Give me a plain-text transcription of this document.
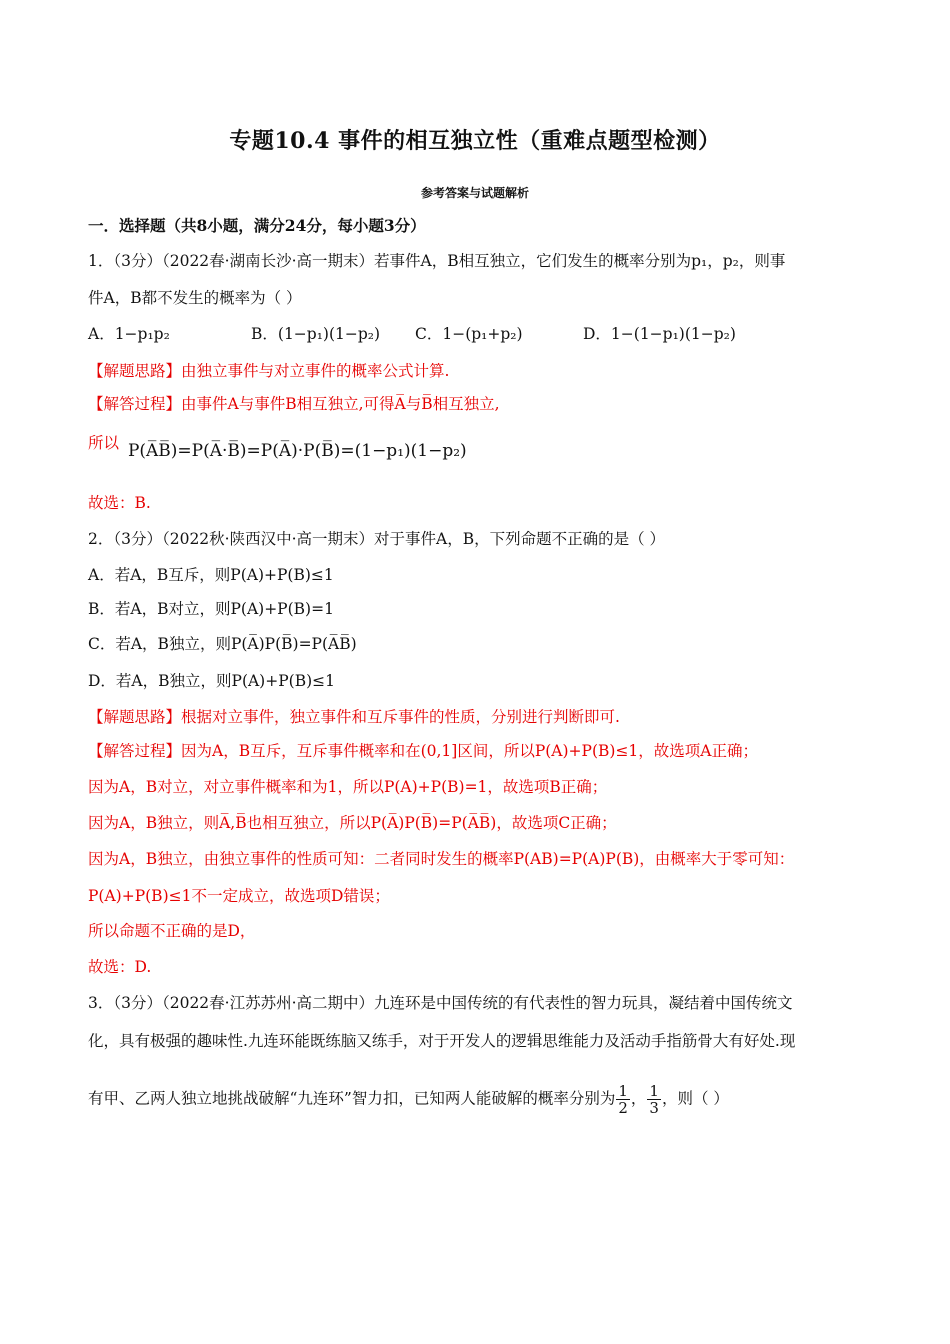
专题10.4 事件的相互独立性（重难点题型检测）
参考答案与试题解析
一．选择题（共8小题，满分24分，每小题3分）
1．（3分）（2022春·湖南长沙·高一期末）若事件A，B相互独立，它们发生的概率分别为p₁，p₂，则事
件A，B都不发生的概率为（ ）
A．1−p₁p₂	B．(1−p₁)(1−p₂) C．1−(p₁+p₂)	D．1−(1−p₁)(1−p₂)
【解题思路】由独立事件与对立事件的概率公式计算.
【解答过程】由事件A与事件B相互独立,可得A̅与B̅相互独立,
所以 P(A̅B̅)=P(A̅·B̅)=P(A̅)·P(B̅)=(1−p₁)(1−p₂)
故选：B.
2．（3分）（2022秋·陕西汉中·高一期末）对于事件A，B，下列命题不正确的是（ ）
A．若A，B互斥，则P(A)+P(B)≤1
B．若A，B对立，则P(A)+P(B)=1
C．若A，B独立，则P(A̅)P(B̅)=P(A̅B̅)
D．若A，B独立，则P(A)+P(B)≤1
【解题思路】根据对立事件，独立事件和互斥事件的性质，分别进行判断即可.
【解答过程】因为A，B互斥，互斥事件概率和在(0,1]区间，所以P(A)+P(B)≤1，故选项A正确；
因为A，B对立，对立事件概率和为1，所以P(A)+P(B)=1，故选项B正确；
因为A，B独立，则A̅,B̅也相互独立，所以P(A̅)P(B̅)=P(A̅B̅)，故选项C正确；
因为A，B独立，由独立事件的性质可知：二者同时发生的概率P(AB)=P(A)P(B)，由概率大于零可知：
P(A)+P(B)≤1不一定成立，故选项D错误；
所以命题不正确的是D，
故选：D.
3．（3分）（2022春·江苏苏州·高二期中）九连环是中国传统的有代表性的智力玩具，凝结着中国传统文
化，具有极强的趣味性.九连环能既练脑又练手，对于开发人的逻辑思维能力及活动手指筋骨大有好处.现
有甲、乙两人独立地挑战破解“九连环”智力扣，已知两人能破解的概率分别为 $\frac{1}{2}$ ， $\frac{1}{3}$ ，则（ ）
